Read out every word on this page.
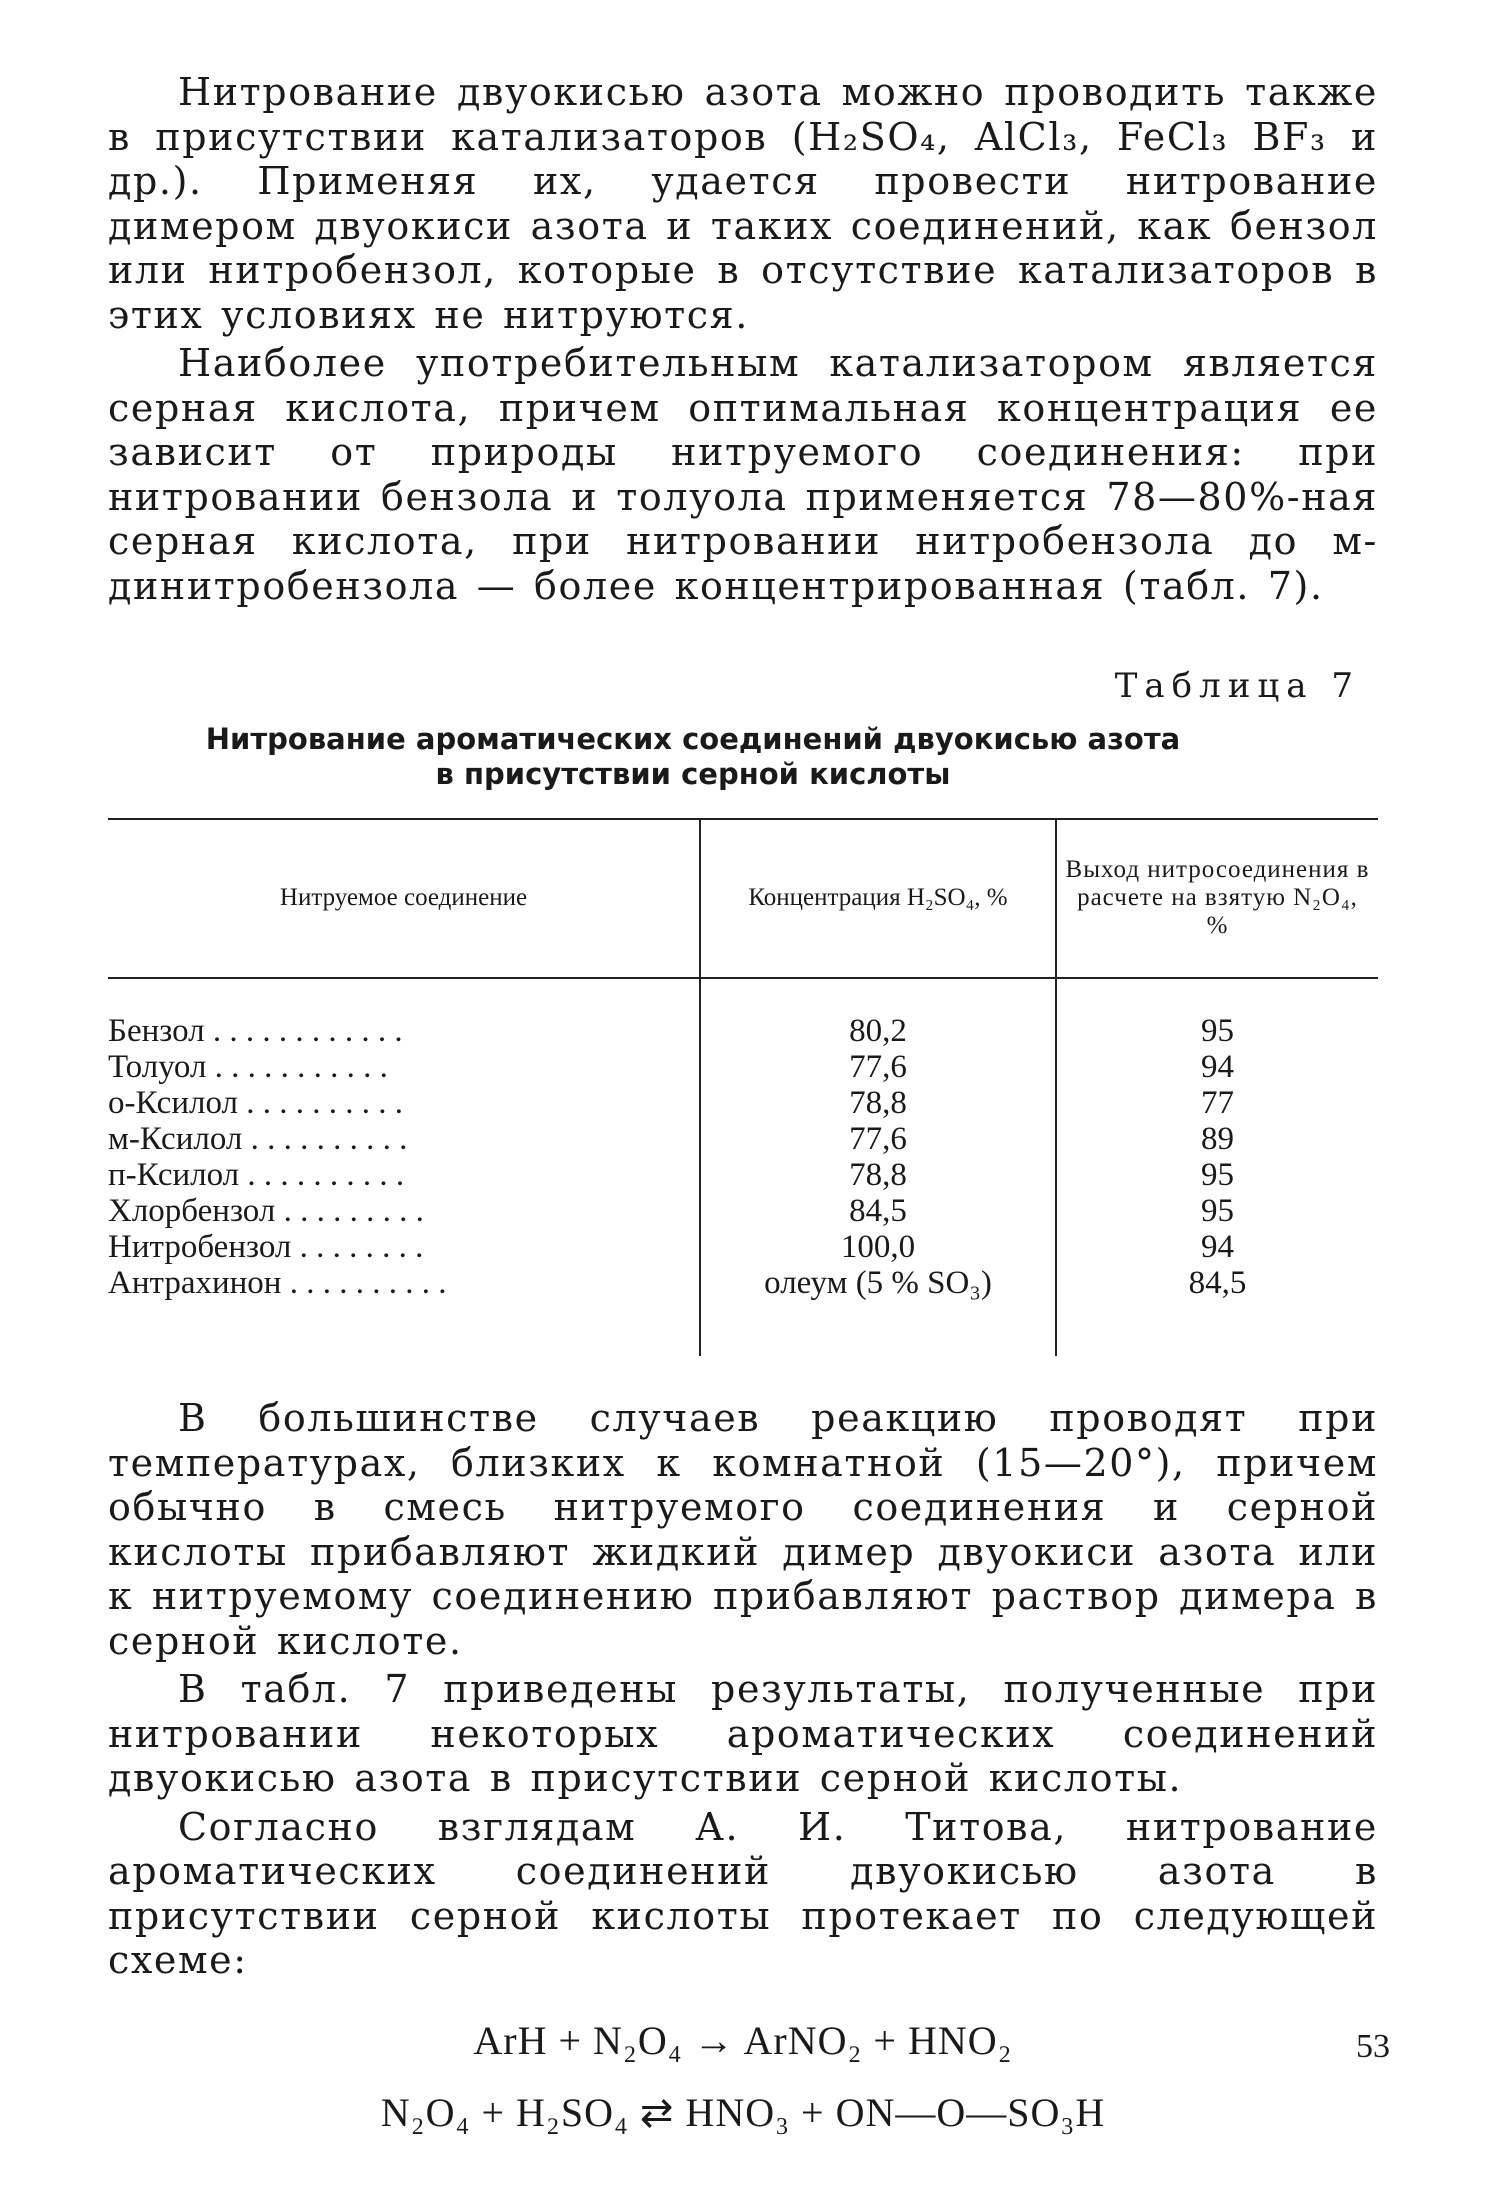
Нитрование двуокисью азота можно проводить также в присутствии катализаторов (H₂SO₄, AlCl₃, FeCl₃ BF₃ и др.). Применяя их, удается провести нитрование димером двуокиси азота и таких соединений, как бензол или нитробензол, которые в отсутствие катализаторов в этих условиях не нитруются.

Наиболее употребительным катализатором является серная кислота, причем оптимальная концентрация ее зависит от природы нитруемого соединения: при нитровании бензола и толуола применяется 78—80%-ная серная кислота, при нитровании нитробензола до м-динитробензола — более концентрированная (табл. 7).

Таблица 7
Нитрование ароматических соединений двуокисью азота
в присутствии серной кислоты
Нитруемое соединение	Концентрация H₂SO₄, %	Выход нитросоединения в расчете на взятую N₂O₄, %
Бензол . . . . . . . . . . . .	80,2	95
Толуол . . . . . . . . . . .	77,6	94
о-Ксилол . . . . . . . . . .	78,8	77
м-Ксилол . . . . . . . . . .	77,6	89
п-Ксилол . . . . . . . . . .	78,8	95
Хлорбензол . . . . . . . . .	84,5	95
Нитробензол . . . . . . . .	100,0	94
Антрахинон . . . . . . . . . .	олеум (5 % SO₃)	84,5

В большинстве случаев реакцию проводят при температурах, близких к комнатной (15—20°), причем обычно в смесь нитруемого соединения и серной кислоты прибавляют жидкий димер двуокиси азота или к нитруемому соединению прибавляют раствор димера в серной кислоте.

В табл. 7 приведены результаты, полученные при нитровании некоторых ароматических соединений двуокисью азота в присутствии серной кислоты.

Согласно взглядам А. И. Титова, нитрование ароматических соединений двуокисью азота в присутствии серной кислоты протекает по следующей схеме:

ArH + N₂O₄ → ArNO₂ + HNO₂
N₂O₄ + H₂SO₄ ⇄ HNO₃ + ON—O—SO₃H
53
